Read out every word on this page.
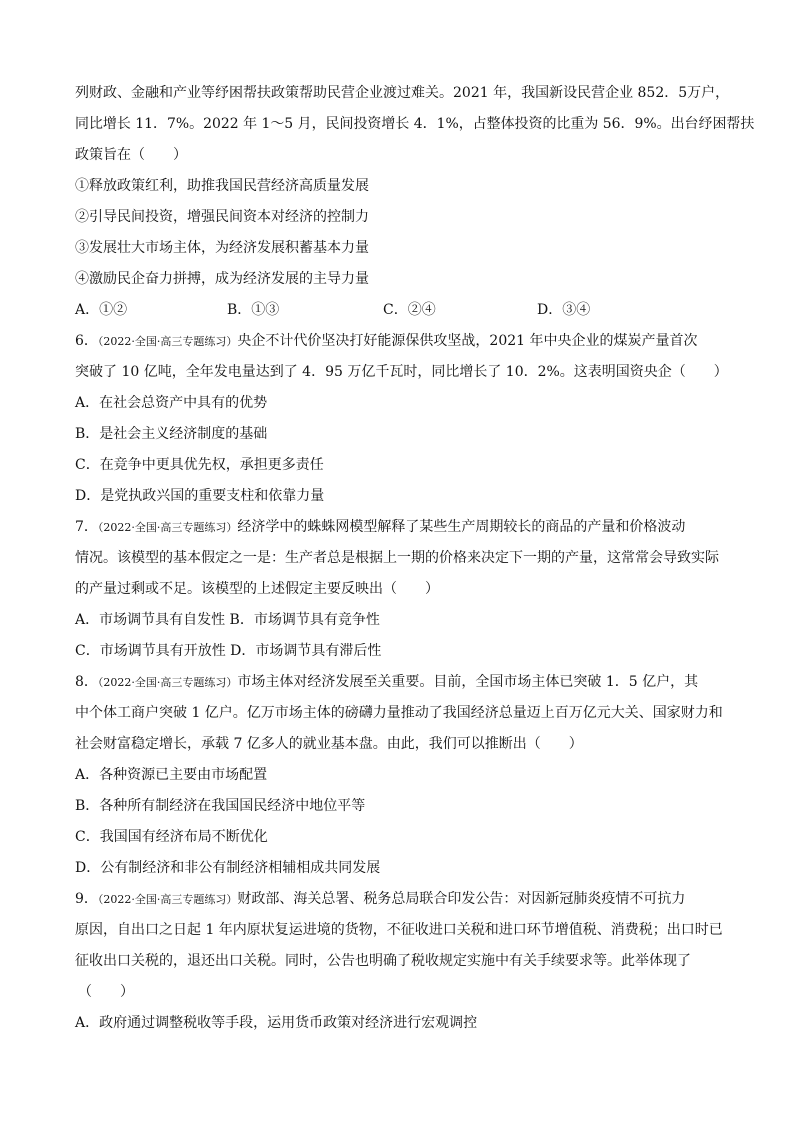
列财政、金融和产业等纾困帮扶政策帮助民营企业渡过难关。2021 年，我国新设民营企业 852．5万户，
同比增长 11．7%。2022 年 1～5 月，民间投资增长 4．1%，占整体投资的比重为 56．9%。出台纾困帮扶
政策旨在（　　）
①释放政策红利，助推我国民营经济高质量发展
②引导民间投资，增强民间资本对经济的控制力
③发展壮大市场主体，为经济发展积蓄基本力量
④激励民企奋力拼搏，成为经济发展的主导力量

A．①②

	B．①③

	C．②④

	D．③④

6．（2022·全国·高三专题练习）央企不计代价坚决打好能源保供攻坚战，2021 年中央企业的煤炭产量首次
突破了 10 亿吨，全年发电量达到了 4．95 万亿千瓦时，同比增长了 10．2%。这表明国资央企（　　）
A．在社会总资产中具有的优势
B．是社会主义经济制度的基础
C．在竞争中更具优先权，承担更多责任
D．是党执政兴国的重要支柱和依靠力量
7．（2022·全国·高三专题练习）经济学中的蛛蛛网模型解释了某些生产周期较长的商品的产量和价格波动
情况。该模型的基本假定之一是：生产者总是根据上一期的价格来决定下一期的产量，这常常会导致实际
的产量过剩或不足。该模型的上述假定主要反映出（　　）
A．市场调节具有自发性 B．市场调节具有竞争性
C．市场调节具有开放性 D．市场调节具有滞后性
8．（2022·全国·高三专题练习）市场主体对经济发展至关重要。目前，全国市场主体已突破 1．5 亿户，其
中个体工商户突破 1 亿户。亿万市场主体的磅礴力量推动了我国经济总量迈上百万亿元大关、国家财力和
社会财富稳定增长，承载 7 亿多人的就业基本盘。由此，我们可以推断出（　　）
A．各种资源已主要由市场配置
B．各种所有制经济在我国国民经济中地位平等
C．我国国有经济布局不断优化
D．公有制经济和非公有制经济相辅相成共同发展
9．（2022·全国·高三专题练习）财政部、海关总署、税务总局联合印发公告：对因新冠肺炎疫情不可抗力
原因，自出口之日起 1 年内原状复运进境的货物，不征收进口关税和进口环节增值税、消费税；出口时已
征收出口关税的，退还出口关税。同时，公告也明确了税收规定实施中有关手续要求等。此举体现了
（　　）
A．政府通过调整税收等手段，运用货币政策对经济进行宏观调控
